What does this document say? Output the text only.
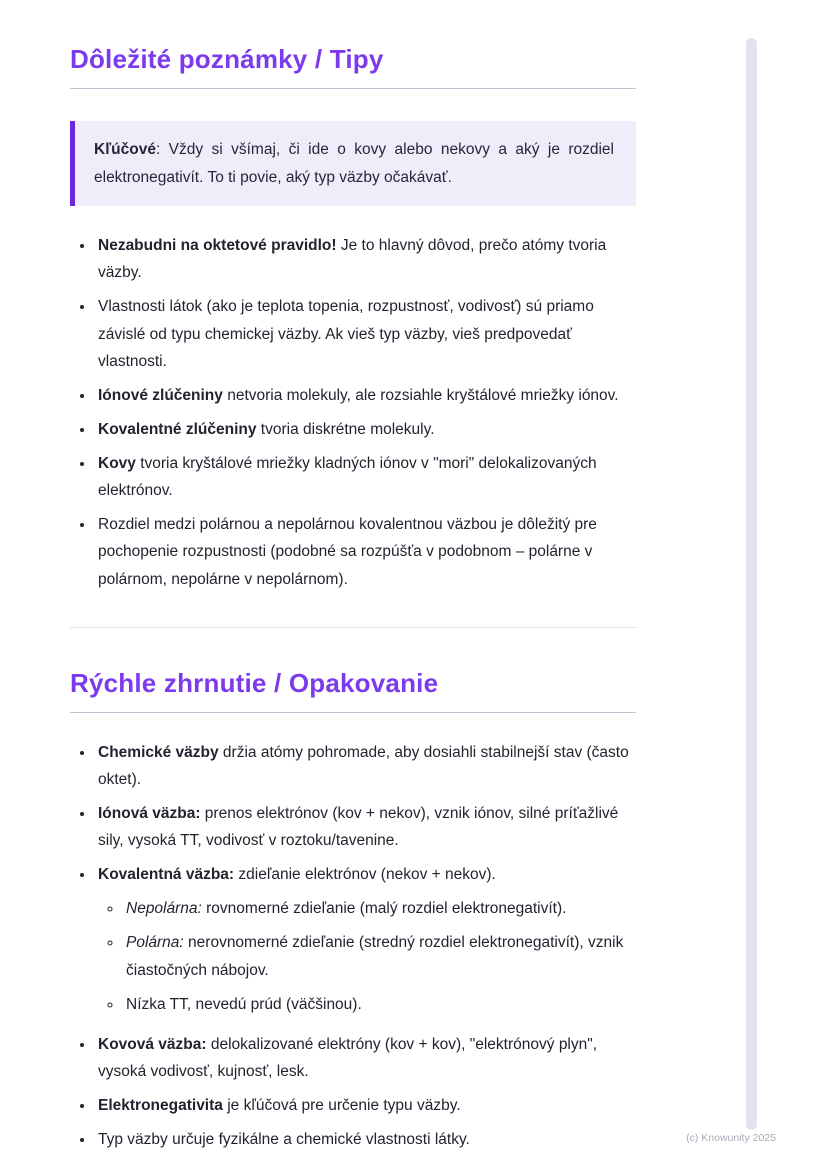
Dôležité poznámky / Tipy

Kľúčové: Vždy si všímaj, či ide o kovy alebo nekovy a aký je rozdiel elektronegativít. To ti povie, aký typ väzby očakávať.

• Nezabudni na oktetové pravidlo! Je to hlavný dôvod, prečo atómy tvoria väzby.
• Vlastnosti látok (ako je teplota topenia, rozpustnosť, vodivosť) sú priamo závislé od typu chemickej väzby. Ak vieš typ väzby, vieš predpovedať vlastnosti.
• Iónové zlúčeniny netvoria molekuly, ale rozsiahle kryštálové mriežky iónov.
• Kovalentné zlúčeniny tvoria diskrétne molekuly.
• Kovy tvoria kryštálové mriežky kladných iónov v "mori" delokalizovaných elektrónov.
• Rozdiel medzi polárnou a nepolárnou kovalentnou väzbou je dôležitý pre pochopenie rozpustnosti (podobné sa rozpúšťa v podobnom – polárne v polárnom, nepolárne v nepolárnom).
Rýchle zhrnutie / Opakovanie
• Chemické väzby držia atómy pohromade, aby dosiahli stabilnejší stav (často oktet).
• Iónová väzba: prenos elektrónov (kov + nekov), vznik iónov, silné príťažlivé sily, vysoká TT, vodivosť v roztoku/tavenine.
• Kovalentná väzba: zdieľanie elektrónov (nekov + nekov).
◦ Nepolárna: rovnomerné zdieľanie (malý rozdiel elektronegativít).
◦ Polárna: nerovnomerné zdieľanie (stredný rozdiel elektronegativít), vznik čiastočných nábojov.
◦ Nízka TT, nevedú prúd (väčšinou).
• Kovová väzba: delokalizované elektróny (kov + kov), "elektrónový plyn", vysoká vodivosť, kujnosť, lesk.
• Elektronegativita je kľúčová pre určenie typu väzby.
• Typ väzby určuje fyzikálne a chemické vlastnosti látky.	(c) Knowunity 2025
